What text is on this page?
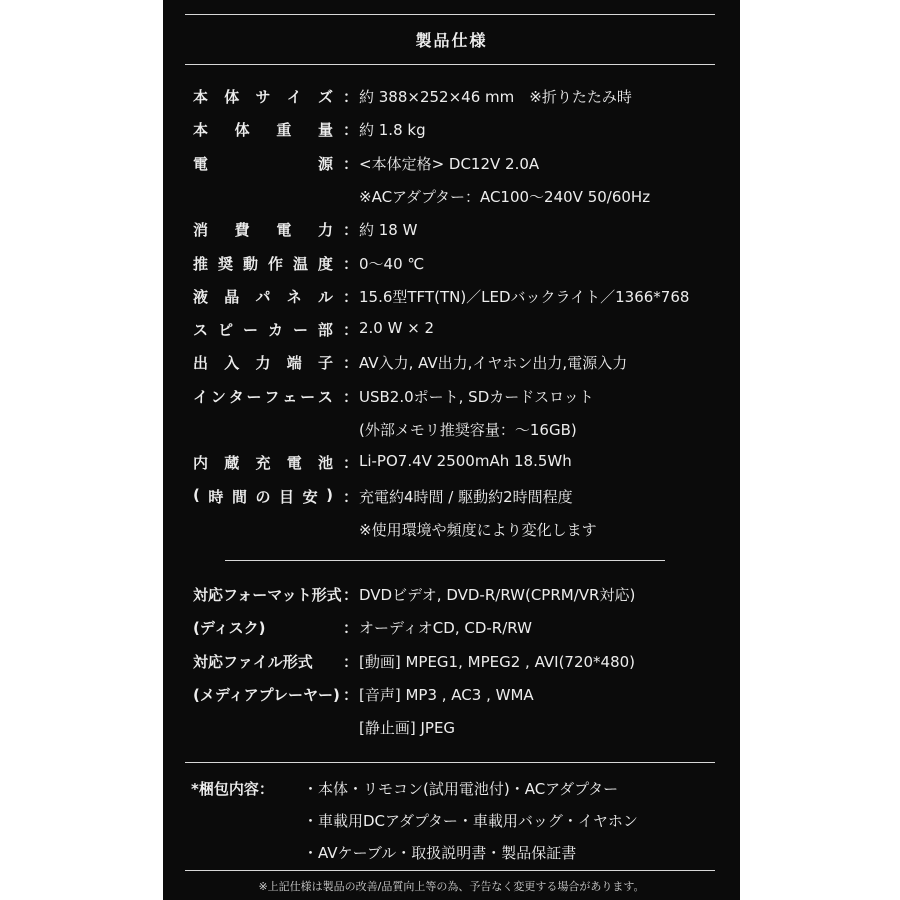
製品仕様
本 体 サ イ ズ ： 約 388×252×46 mm　※折りたたみ時
本 体 重 量 ： 約 1.8 kg
電	源 ： <本体定格> DC12V 2.0A
※ACアダプター：AC100～240V 50/60Hz
消 費 電 力 ： 約 18 W
推 奨 動 作 温 度 ： 0～40 ℃
液 晶 パ ネ ル ： 15.6型TFT(TN)／LEDバックライト／1366*768
ス ピ ー カ ー 部 ： 2.0 W × 2
出 入 力 端 子 ： AV入力, AV出力,イヤホン出力,電源入力
イ ン タ ー フ ェ ー ス ： USB2.0ポート, SDカードスロット
(外部メモリ推奨容量：～16GB)
内 蔵 充 電 池 ： Li-PO7.4V 2500mAh 18.5Wh
( 時 間 の 目 安 ) ： 充電約4時間 / 駆動約2時間程度
※使用環境や頻度により変化します
対応フォーマット形式 ： DVDビデオ, DVD-R/RW(CPRM/VR対応)
(ディスク)	： オーディオCD, CD-R/RW
対応ファイル形式	： [動画] MPEG1, MPEG2 , AVI(720*480)
(メディアプレーヤー) ： [音声] MP3 , AC3 , WMA
[静止画] JPEG
*梱包内容： ・本体・リモコン(試用電池付)・ACアダプター
・車載用DCアダプター・車載用バッグ・イヤホン
・AVケーブル・取扱説明書・製品保証書
※上記仕様は製品の改善/品質向上等の為、予告なく変更する場合があります。
